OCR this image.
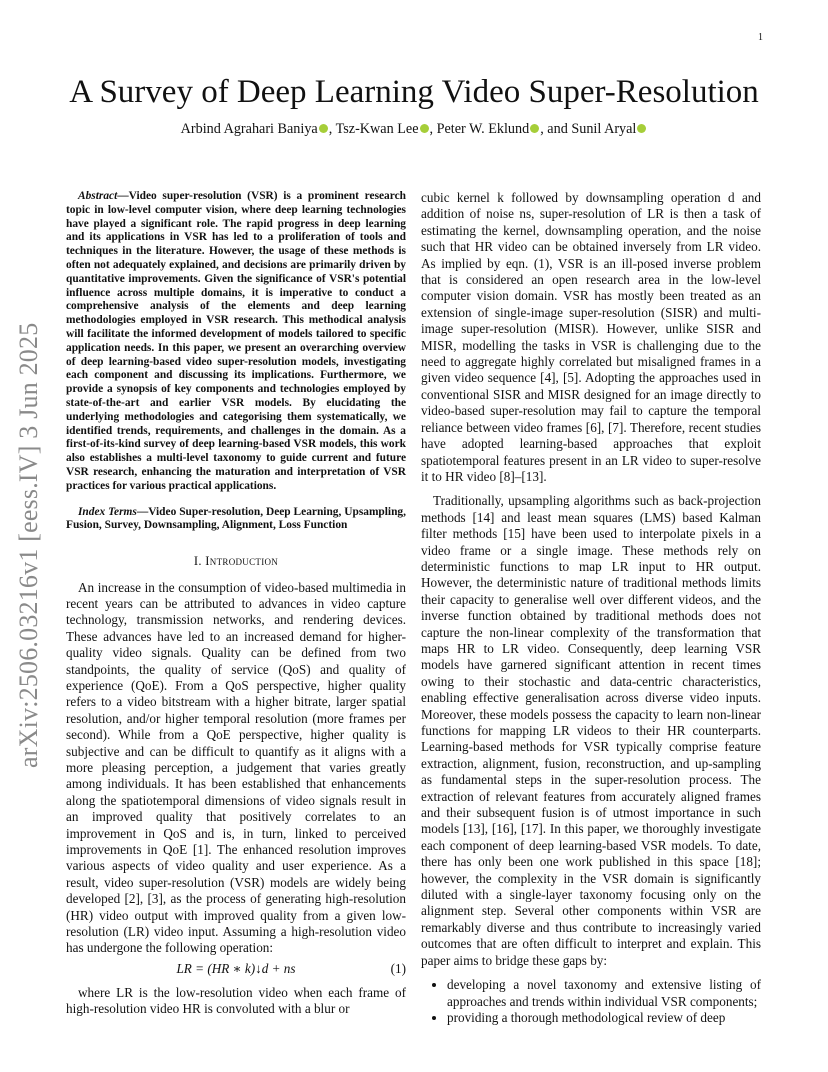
1
arXiv:2506.03216v1 [eess.IV] 3 Jun 2025
A Survey of Deep Learning Video Super-Resolution
Arbind Agrahari Baniya , Tsz-Kwan Lee , Peter W. Eklund , and Sunil Aryal

Abstract—Video super-resolution (VSR) is a prominent research topic in low-level computer vision, where deep learning technologies have played a significant role. The rapid progress in deep learning and its applications in VSR has led to a proliferation of tools and techniques in the literature. However, the usage of these methods is often not adequately explained, and decisions are primarily driven by quantitative improvements. Given the significance of VSR's potential influence across multiple domains, it is imperative to conduct a comprehensive analysis of the elements and deep learning methodologies employed in VSR research. This methodical analysis will facilitate the informed development of models tailored to specific application needs. In this paper, we present an overarching overview of deep learning-based video super-resolution models, investigating each component and discussing its implications. Furthermore, we provide a synopsis of key components and technologies employed by state-of-the-art and earlier VSR models. By elucidating the underlying methodologies and categorising them systematically, we identified trends, requirements, and challenges in the domain. As a first-of-its-kind survey of deep learning-based VSR models, this work also establishes a multi-level taxonomy to guide current and future VSR research, enhancing the maturation and interpretation of VSR practices for various practical applications.

Index Terms—Video Super-resolution, Deep Learning, Upsampling, Fusion, Survey, Downsampling, Alignment, Loss Function

I. Introduction

An increase in the consumption of video-based multimedia in recent years can be attributed to advances in video capture technology, transmission networks, and rendering devices. These advances have led to an increased demand for higher-quality video signals. Quality can be defined from two standpoints, the quality of service (QoS) and quality of experience (QoE). From a QoS perspective, higher quality refers to a video bitstream with a higher bitrate, larger spatial resolution, and/or higher temporal resolution (more frames per second). While from a QoE perspective, higher quality is subjective and can be difficult to quantify as it aligns with a more pleasing perception, a judgement that varies greatly among individuals. It has been established that enhancements along the spatiotemporal dimensions of video signals result in an improved quality that positively correlates to an improvement in QoS and is, in turn, linked to perceived improvements in QoE [1]. The enhanced resolution improves various aspects of video quality and user experience. As a result, video super-resolution (VSR) models are widely being developed [2], [3], as the process of generating high-resolution (HR) video output with improved quality from a given low-resolution (LR) video input. Assuming a high-resolution video has undergone the following operation:

LR = (HR ∗ k)↓d + ns	(1)

where LR is the low-resolution video when each frame of high-resolution video HR is convoluted with a blur or

cubic kernel k followed by downsampling operation d and addition of noise ns, super-resolution of LR is then a task of estimating the kernel, downsampling operation, and the noise such that HR video can be obtained inversely from LR video. As implied by eqn. (1), VSR is an ill-posed inverse problem that is considered an open research area in the low-level computer vision domain. VSR has mostly been treated as an extension of single-image super-resolution (SISR) and multi-image super-resolution (MISR). However, unlike SISR and MISR, modelling the tasks in VSR is challenging due to the need to aggregate highly correlated but misaligned frames in a given video sequence [4], [5]. Adopting the approaches used in conventional SISR and MISR designed for an image directly to video-based super-resolution may fail to capture the temporal reliance between video frames [6], [7]. Therefore, recent studies have adopted learning-based approaches that exploit spatiotemporal features present in an LR video to super-resolve it to HR video [8]–[13].

Traditionally, upsampling algorithms such as back-projection methods [14] and least mean squares (LMS) based Kalman filter methods [15] have been used to interpolate pixels in a video frame or a single image. These methods rely on deterministic functions to map LR input to HR output. However, the deterministic nature of traditional methods limits their capacity to generalise well over different videos, and the inverse function obtained by traditional methods does not capture the non-linear complexity of the transformation that maps HR to LR video. Consequently, deep learning VSR models have garnered significant attention in recent times owing to their stochastic and data-centric characteristics, enabling effective generalisation across diverse video inputs. Moreover, these models possess the capacity to learn non-linear functions for mapping LR videos to their HR counterparts. Learning-based methods for VSR typically comprise feature extraction, alignment, fusion, reconstruction, and up-sampling as fundamental steps in the super-resolution process. The extraction of relevant features from accurately aligned frames and their subsequent fusion is of utmost importance in such models [13], [16], [17]. In this paper, we thoroughly investigate each component of deep learning-based VSR models. To date, there has only been one work published in this space [18]; however, the complexity in the VSR domain is significantly diluted with a single-layer taxonomy focusing only on the alignment step. Several other components within VSR are remarkably diverse and thus contribute to increasingly varied outcomes that are often difficult to interpret and explain. This paper aims to bridge these gaps by:

• developing a novel taxonomy and extensive listing of approaches and trends within individual VSR components;
• providing a thorough methodological review of deep
